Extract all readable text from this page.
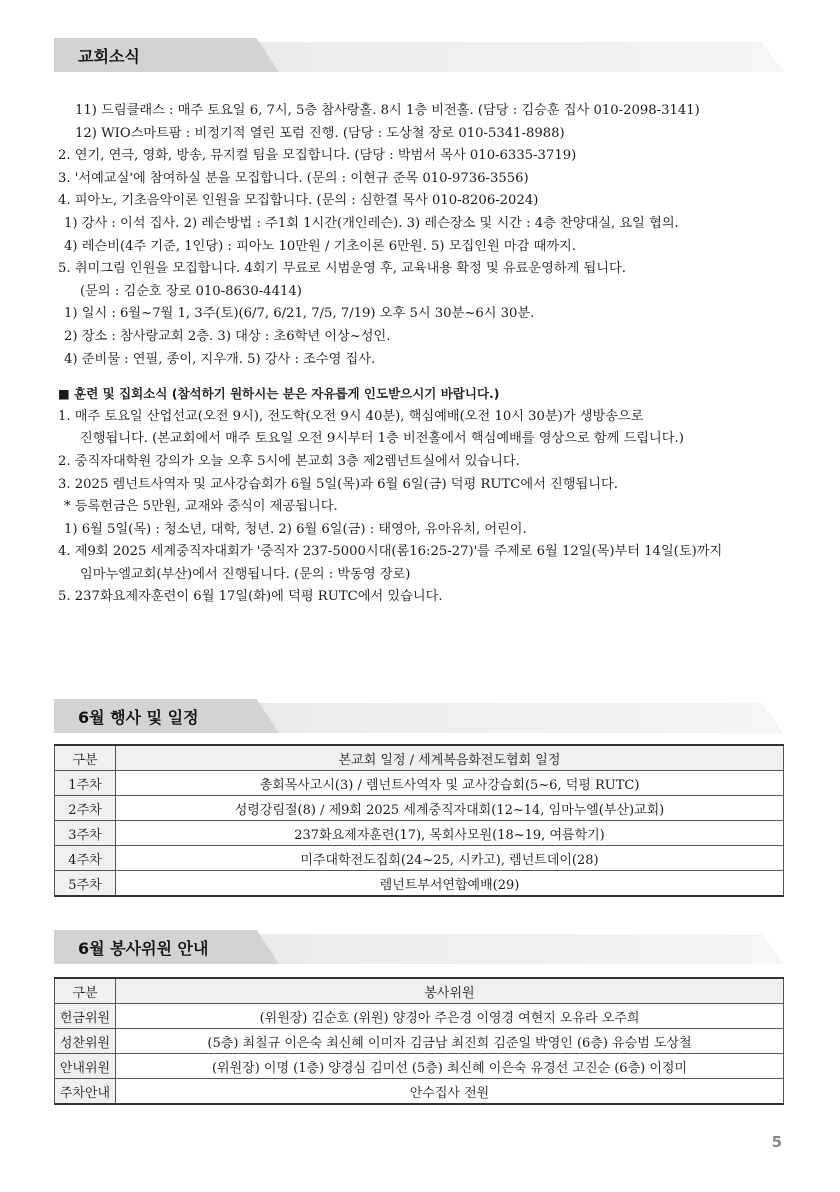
교회소식
11) 드림클래스 : 매주 토요일 6, 7시, 5층 참사랑홀. 8시 1층 비전홀. (담당 : 김승훈 집사 010-2098-3141)
12) WIO스마트팜 : 비정기적 열린 포럼 진행. (담당 : 도상철 장로 010-5341-8988)
2. 연기, 연극, 영화, 방송, 뮤지컬 팀을 모집합니다. (담당 : 박범서 목사 010-6335-3719)
3. '서예교실'에 참여하실 분을 모집합니다. (문의 : 이현규 준목 010-9736-3556)
4. 피아노, 기초음악이론 인원을 모집합니다. (문의 : 심한결 목사 010-8206-2024)
1) 강사 : 이석 집사. 2) 레슨방법 : 주1회 1시간(개인레슨). 3) 레슨장소 및 시간 : 4층 찬양대실, 요일 협의.
4) 레슨비(4주 기준, 1인당) : 피아노 10만원 / 기초이론 6만원. 5) 모집인원 마감 때까지.
5. 취미그림 인원을 모집합니다. 4회기 무료로 시범운영 후, 교육내용 확정 및 유료운영하게 됩니다.
(문의 : 김순호 장로 010-8630-4414)
1) 일시 : 6월~7월 1, 3주(토)(6/7, 6/21, 7/5, 7/19) 오후 5시 30분~6시 30분.
2) 장소 : 참사랑교회 2층. 3) 대상 : 초6학년 이상~성인.
4) 준비물 : 연필, 종이, 지우개. 5) 강사 : 조수영 집사.
■ 훈련 및 집회소식 (참석하기 원하시는 분은 자유롭게 인도받으시기 바랍니다.)
1. 매주 토요일 산업선교(오전 9시), 전도학(오전 9시 40분), 핵심예배(오전 10시 30분)가 생방송으로
진행됩니다. (본교회에서 매주 토요일 오전 9시부터 1층 비전홀에서 핵심예배를 영상으로 함께 드립니다.)
2. 중직자대학원 강의가 오늘 오후 5시에 본교회 3층 제2렘넌트실에서 있습니다.
3. 2025 렘넌트사역자 및 교사강습회가 6월 5일(목)과 6월 6일(금) 덕평 RUTC에서 진행됩니다.
* 등록헌금은 5만원, 교재와 중식이 제공됩니다.
1) 6월 5일(목) : 청소년, 대학, 청년. 2) 6월 6일(금) : 태영아, 유아유치, 어린이.
4. 제9회 2025 세계중직자대회가 '중직자 237-5000시대(롬16:25-27)'를 주제로 6월 12일(목)부터 14일(토)까지
임마누엘교회(부산)에서 진행됩니다. (문의 : 박동영 장로)
5. 237화요제자훈련이 6월 17일(화)에 덕평 RUTC에서 있습니다.
6월 행사 및 일정
구분	본교회 일정 / 세계복음화전도협회 일정
1주차	총회목사고시(3) / 렘넌트사역자 및 교사강습회(5~6, 덕평 RUTC)
2주차	성령강림절(8) / 제9회 2025 세계중직자대회(12~14, 임마누엘(부산)교회)
3주차	237화요제자훈련(17), 목회사모원(18~19, 여름학기)
4주차	미주대학전도집회(24~25, 시카고), 렘넌트데이(28)
5주차	렘넌트부서연합예배(29)
6월 봉사위원 안내
구분	봉사위원
헌금위원	(위원장) 김순호 (위원) 양경아 주은경 이영경 여현지 오유라 오주희
성찬위원	(5층) 최칠규 이은숙 최신혜 이미자 김금남 최진희 김준일 박영인 (6층) 유승범 도상철
안내위원	(위원장) 이명 (1층) 양경심 김미선 (5층) 최신혜 이은숙 유경선 고진순 (6층) 이정미
주차안내	안수집사 전원
5
